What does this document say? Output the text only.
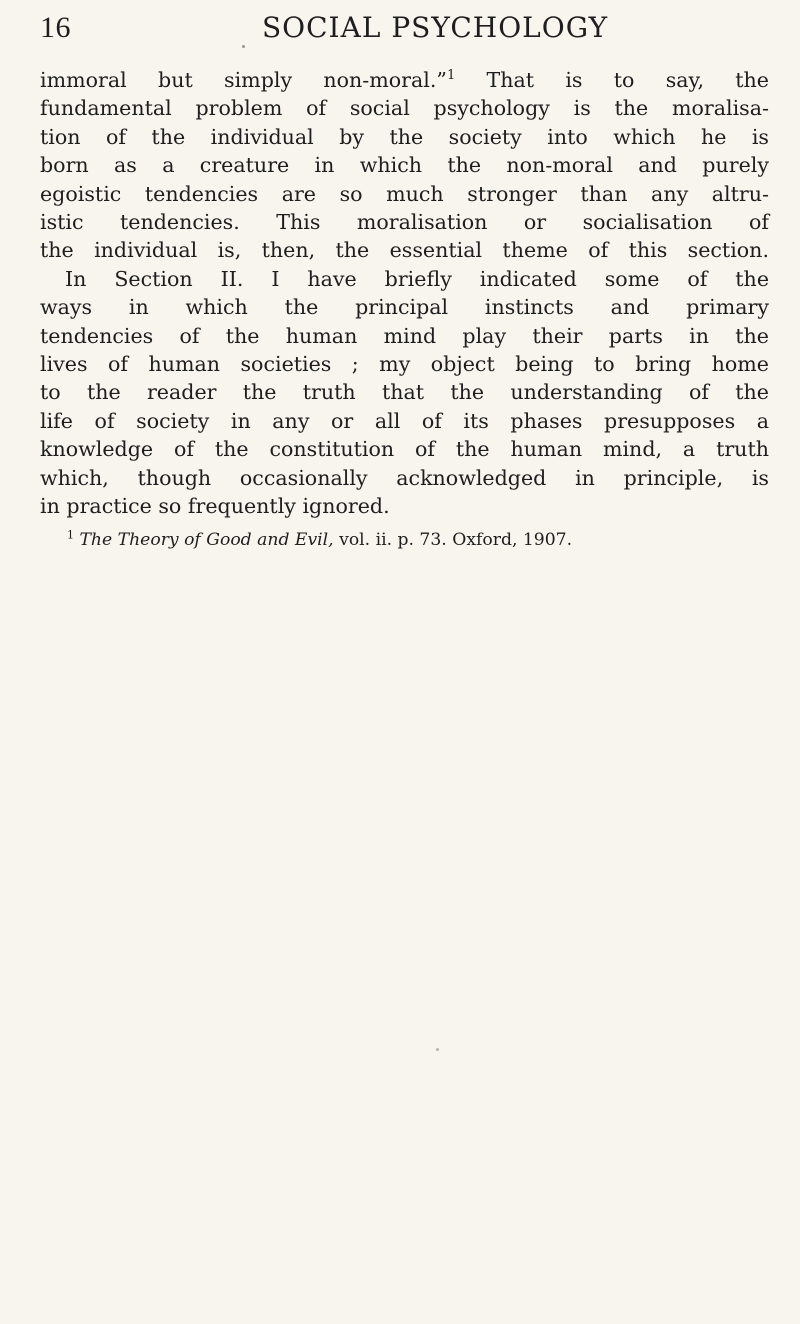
16	SOCIAL PSYCHOLOGY
immoral but simply non-moral.”$^1$ That is to say, the
fundamental problem of social psychology is the moralisa-
tion of the individual by the society into which he is
born as a creature in which the non-moral and purely
egoistic tendencies are so much stronger than any altru-
istic tendencies. This moralisation or socialisation of
the individual is, then, the essential theme of this section.
In Section II. I have briefly indicated some of the
ways in which the principal instincts and primary
tendencies of the human mind play their parts in the
lives of human societies ; my object being to bring home
to the reader the truth that the understanding of the
life of society in any or all of its phases presupposes a
knowledge of the constitution of the human mind, a truth
which, though occasionally acknowledged in principle, is
in practice so frequently ignored.
$^1$ The Theory of Good and Evil, vol. ii. p. 73. Oxford, 1907.
